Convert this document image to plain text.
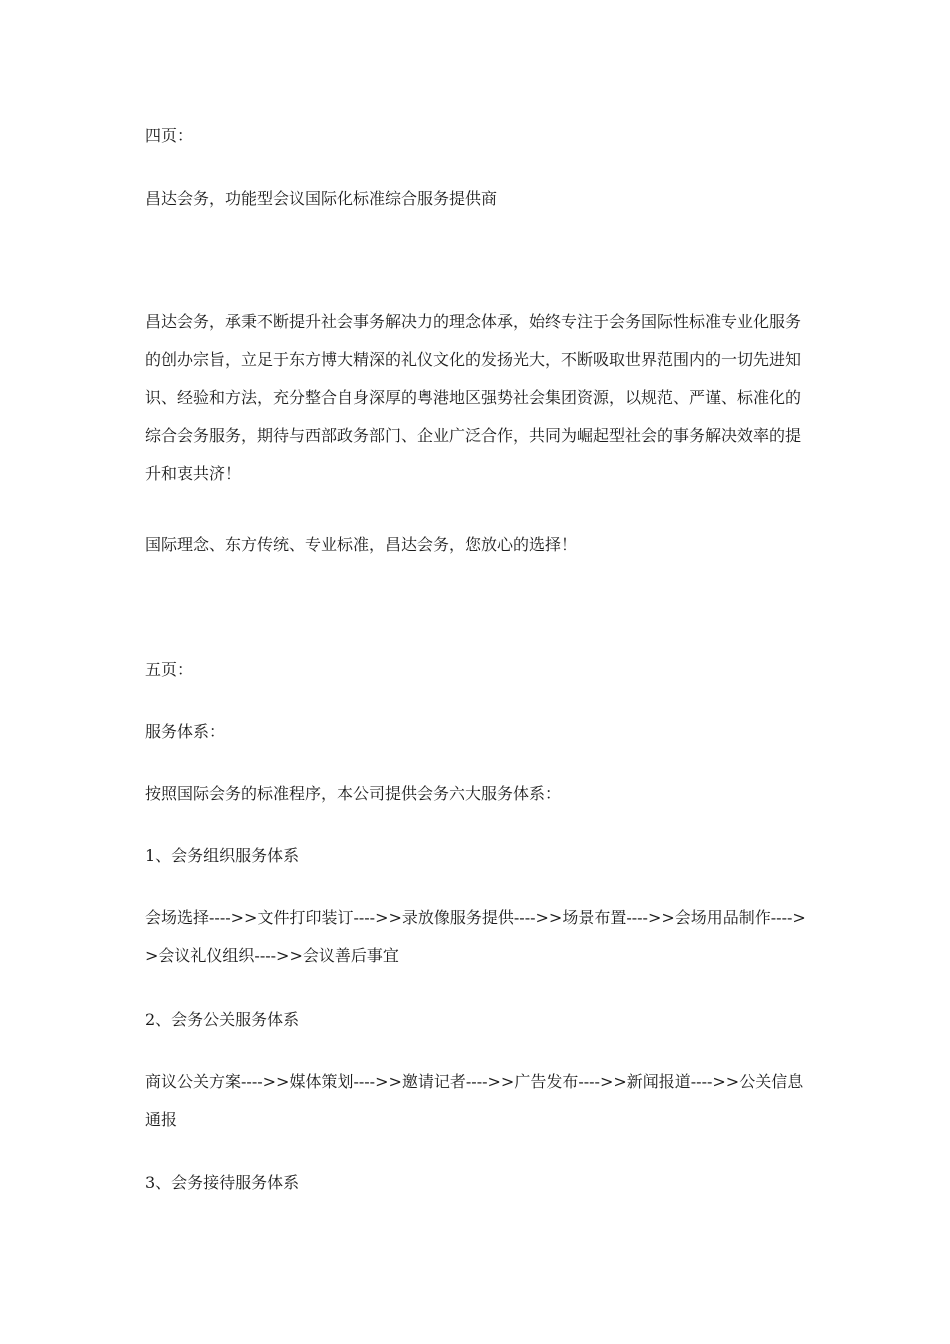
四页：
昌达会务，功能型会议国际化标准综合服务提供商
昌达会务，承秉不断提升社会事务解决力的理念体承，始终专注于会务国际性标准专业化服务的创办宗旨，立足于东方博大精深的礼仪文化的发扬光大，不断吸取世界范围内的一切先进知识、经验和方法，充分整合自身深厚的粤港地区强势社会集团资源，以规范、严谨、标准化的综合会务服务，期待与西部政务部门、企业广泛合作，共同为崛起型社会的事务解决效率的提升和衷共济！
国际理念、东方传统、专业标准，昌达会务，您放心的选择！
五页：
服务体系：
按照国际会务的标准程序，本公司提供会务六大服务体系：
1、会务组织服务体系
会场选择---->>文件打印装订---->>录放像服务提供---->>场景布置---->>会场用品制作---->>会议礼仪组织---->>会议善后事宜
2、会务公关服务体系
商议公关方案---->>媒体策划---->>邀请记者---->>广告发布---->>新闻报道---->>公关信息通报
3、会务接待服务体系
